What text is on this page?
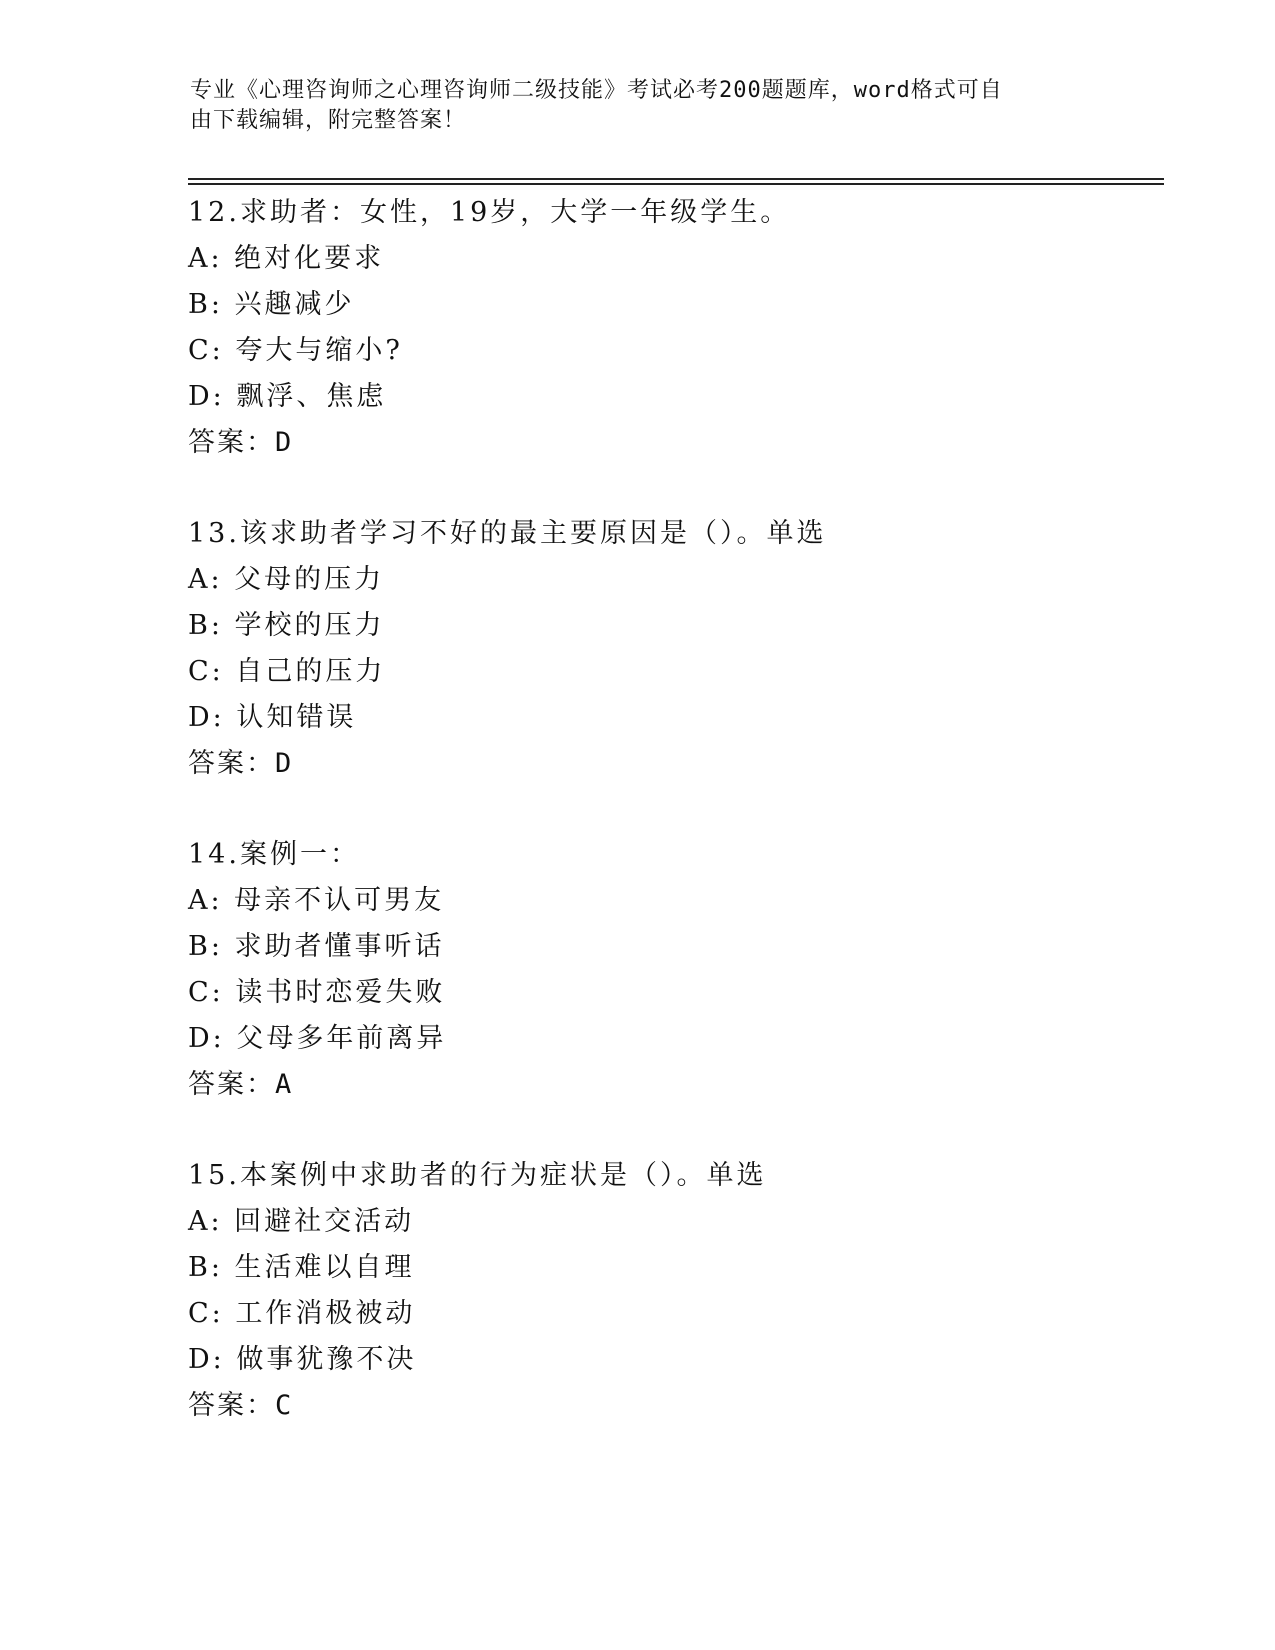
专业《心理咨询师之心理咨询师二级技能》考试必考200题题库，word格式可自
由下载编辑，附完整答案！
12.求助者：女性，19岁，大学一年级学生。
A: 绝对化要求
B: 兴趣减少
C: 夸大与缩小?
D: 飘浮、焦虑
答案：D
13.该求助者学习不好的最主要原因是（）。单选
A: 父母的压力
B: 学校的压力
C: 自己的压力
D: 认知错误
答案：D
14.案例一：
A: 母亲不认可男友
B: 求助者懂事听话
C: 读书时恋爱失败
D: 父母多年前离异
答案：A
15.本案例中求助者的行为症状是（）。单选
A: 回避社交活动
B: 生活难以自理
C: 工作消极被动
D: 做事犹豫不决
答案：C
